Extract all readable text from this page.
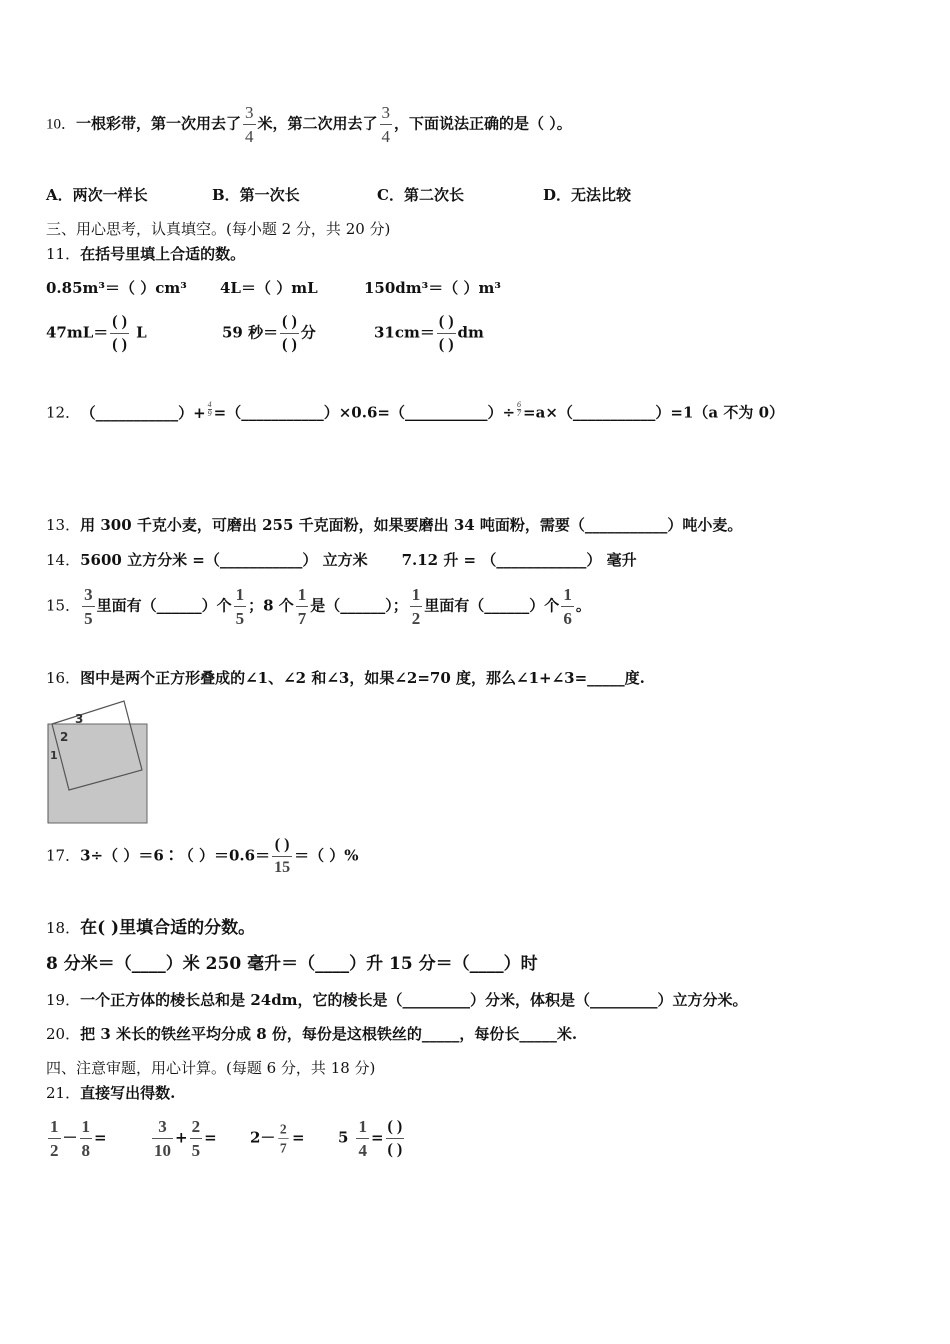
10．一根彩带，第一次用去了 $\frac{3}{4}$ 米，第二次用去了 $\frac{3}{4}$ ，下面说法正确的是（ ）。
A．两次一样长	B．第一次长	C．第二次长	D．无法比较
三、用心思考，认真填空。(每小题 2 分，共 20 分)
11．在括号里填上合适的数。
0.85m³＝（ ）cm³ 4L＝（ ）mL	150dm³＝（ ）m³
$47mL= \frac{( )}{( )}$ L	59 秒＝ $\frac{( )}{( )}$ 分	$31cm= \frac{( )}{( )}$ dm
12． （___________）+ $\frac{4}{9}$ =（___________）×0.6=（___________）÷ $\frac{6}{7}$ =a×（___________）=1（a 不为 0）
13．用 300 千克小麦，可磨出 255 千克面粉，如果要磨出 34 吨面粉，需要（___________）吨小麦。
14．5600 立方分米 =（___________） 立方米 7.12 升 = （____________） 毫升
15． $\frac{3}{5}$ 里面有（______）个 $\frac{1}{5}$ ；8 个 $\frac{1}{7}$ 是（______）； $\frac{1}{2}$ 里面有（______）个 $\frac{1}{6}$ 。
16．图中是两个正方形叠成的∠1、∠2 和∠3，如果∠2=70 度，那么∠1+∠3=_____度.
3
2
1
17．3÷（ ）＝6∶（ ）$=0.6= \frac{( )}{15}$ ＝（ ）%
18．在( )里填合适的分数。
8 分米＝（____）米 250 毫升＝（____）升 15 分＝（____）时
19．一个正方体的棱长总和是 24dm，它的棱长是（_________）分米，体积是（_________）立方分米。
20．把 3 米长的铁丝平均分成 8 份，每份是这根铁丝的_____，每份长_____米.
四、注意审题，用心计算。(每题 6 分，共 18 分)
21．直接写出得数.
$\frac{1}{2} - \frac{1}{8}$ =	$\frac{3}{10} + \frac{2}{5} = 2- \frac{2}{7} = 5 \frac{1}{4} = \frac{( )}{( )}$
